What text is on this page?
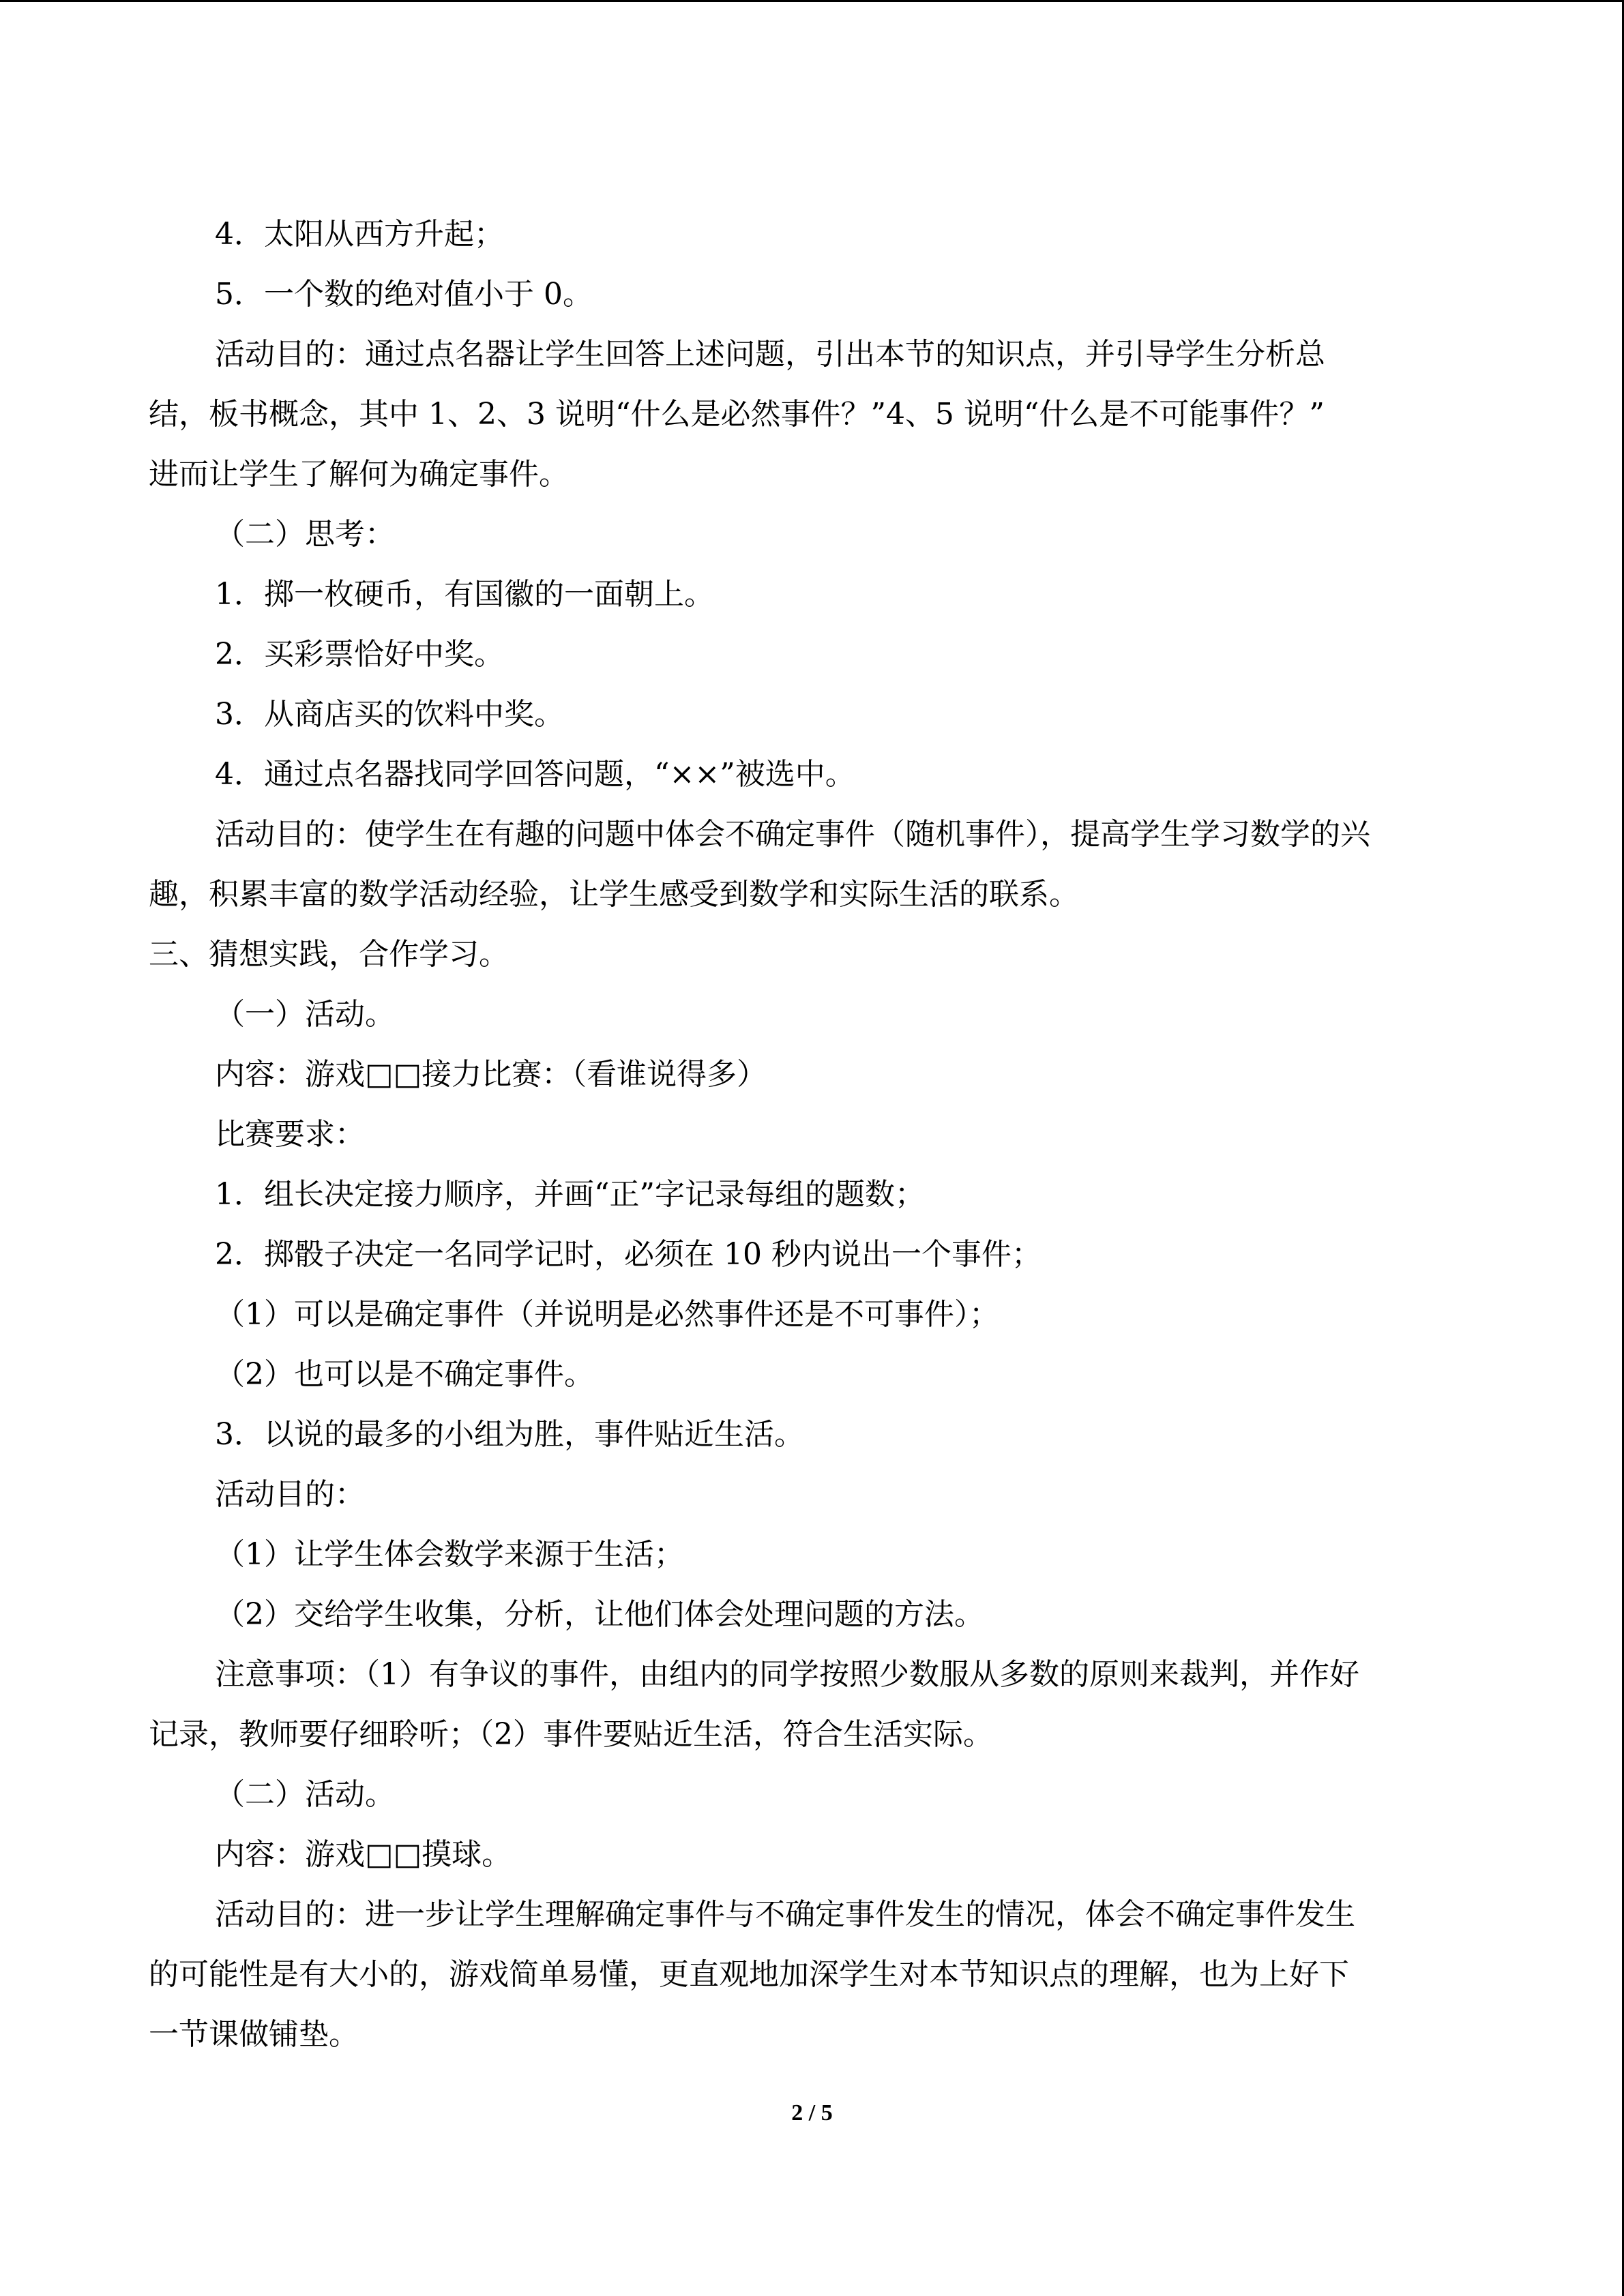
4．太阳从西方升起；
5．一个数的绝对值小于 0。
活动目的：通过点名器让学生回答上述问题，引出本节的知识点，并引导学生分析总
结，板书概念，其中 1、2、3 说明“什么是必然事件？”4、5 说明“什么是不可能事件？”
进而让学生了解何为确定事件。
（二）思考：
1．掷一枚硬币，有国徽的一面朝上。
2．买彩票恰好中奖。
3．从商店买的饮料中奖。
4．通过点名器找同学回答问题，“××”被选中。
活动目的：使学生在有趣的问题中体会不确定事件（随机事件），提高学生学习数学的兴
趣，积累丰富的数学活动经验，让学生感受到数学和实际生活的联系。
三、猜想实践，合作学习。
（一）活动。
内容：游戏□□接力比赛：（看谁说得多）
比赛要求：
1．组长决定接力顺序，并画“正”字记录每组的题数；
2．掷骰子决定一名同学记时，必须在 10 秒内说出一个事件；
（1）可以是确定事件（并说明是必然事件还是不可事件）；
（2）也可以是不确定事件。
3．以说的最多的小组为胜，事件贴近生活。
活动目的：
（1）让学生体会数学来源于生活；
（2）交给学生收集，分析，让他们体会处理问题的方法。
注意事项：（1）有争议的事件，由组内的同学按照少数服从多数的原则来裁判，并作好
记录，教师要仔细聆听；（2）事件要贴近生活，符合生活实际。
（二）活动。
内容：游戏□□摸球。
活动目的：进一步让学生理解确定事件与不确定事件发生的情况，体会不确定事件发生
的可能性是有大小的，游戏简单易懂，更直观地加深学生对本节知识点的理解，也为上好下
一节课做铺垫。
2 / 5
